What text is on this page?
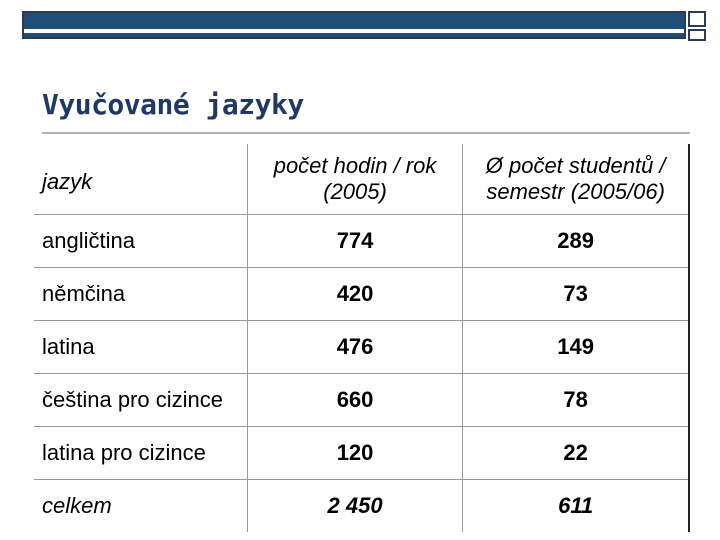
Vyučované jazyky
jazyk	počet hodin / rok (2005)	Ø počet studentů / semestr (2005/06)
angličtina	774	289
němčina	420	73
latina	476	149
čeština pro cizince	660	78
latina pro cizince	120	22
celkem	2 450	611
